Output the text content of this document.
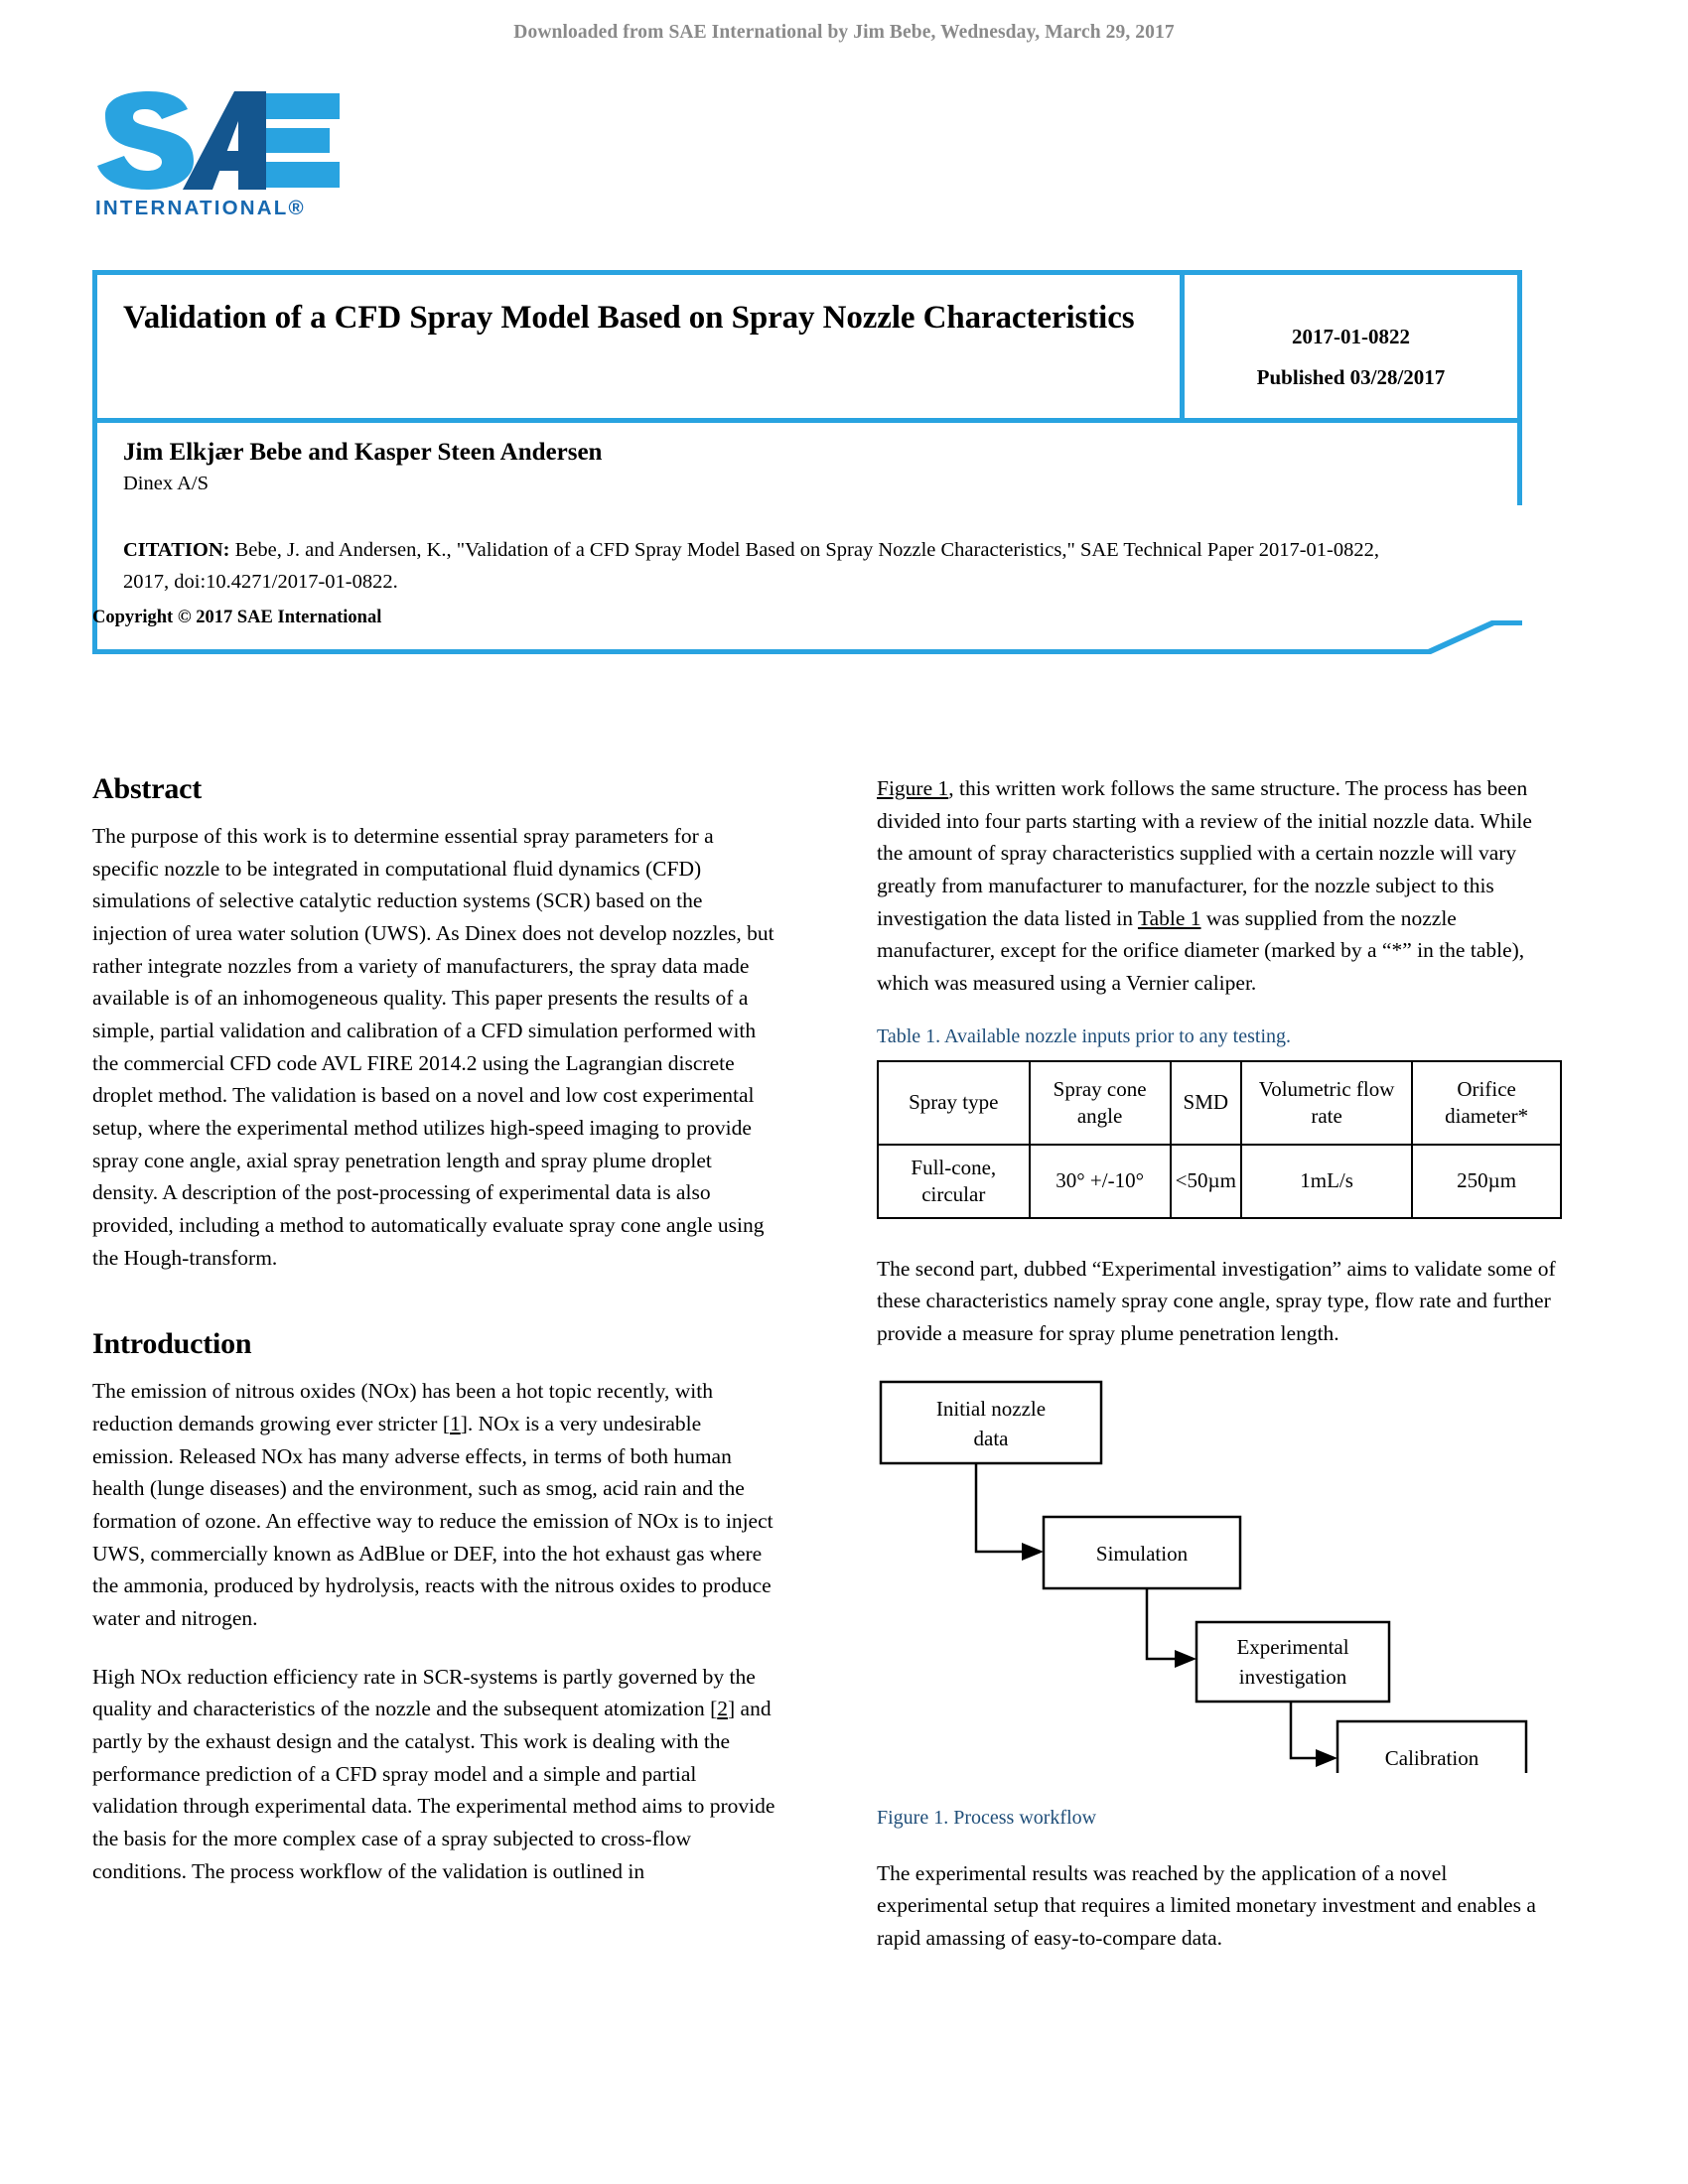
Downloaded from SAE International by Jim Bebe, Wednesday, March 29, 2017
INTERNATIONAL®
Validation of a CFD Spray Model Based on Spray Nozzle Characteristics
2017-01-0822
Published 03/28/2017
Jim Elkjær Bebe and Kasper Steen Andersen
Dinex A/S
CITATION: Bebe, J. and Andersen, K., "Validation of a CFD Spray Model Based on Spray Nozzle Characteristics," SAE Technical Paper 2017-01-0822, 2017, doi:10.4271/2017-01-0822.
Copyright © 2017 SAE International
Abstract

The purpose of this work is to determine essential spray parameters for a specific nozzle to be integrated in computational fluid dynamics (CFD) simulations of selective catalytic reduction systems (SCR) based on the injection of urea water solution (UWS). As Dinex does not develop nozzles, but rather integrate nozzles from a variety of manufacturers, the spray data made available is of an inhomogeneous quality. This paper presents the results of a simple, partial validation and calibration of a CFD simulation performed with the commercial CFD code AVL FIRE 2014.2 using the Lagrangian discrete droplet method. The validation is based on a novel and low cost experimental setup, where the experimental method utilizes high-speed imaging to provide spray cone angle, axial spray penetration length and spray plume droplet density. A description of the post-processing of experimental data is also provided, including a method to automatically evaluate spray cone angle using the Hough-transform.

Introduction

The emission of nitrous oxides (NOx) has been a hot topic recently, with reduction demands growing ever stricter [1]. NOx is a very undesirable emission. Released NOx has many adverse effects, in terms of both human health (lunge diseases) and the environment, such as smog, acid rain and the formation of ozone. An effective way to reduce the emission of NOx is to inject UWS, commercially known as AdBlue or DEF, into the hot exhaust gas where the ammonia, produced by hydrolysis, reacts with the nitrous oxides to produce water and nitrogen.

High NOx reduction efficiency rate in SCR-systems is partly governed by the quality and characteristics of the nozzle and the subsequent atomization [2] and partly by the exhaust design and the catalyst. This work is dealing with the performance prediction of a CFD spray model and a simple and partial validation through experimental data. The experimental method aims to provide the basis for the more complex case of a spray subjected to cross-flow conditions. The process workflow of the validation is outlined in

Figure 1, this written work follows the same structure. The process has been divided into four parts starting with a review of the initial nozzle data. While the amount of spray characteristics supplied with a certain nozzle will vary greatly from manufacturer to manufacturer, for the nozzle subject to this investigation the data listed in Table 1 was supplied from the nozzle manufacturer, except for the orifice diameter (marked by a “*” in the table), which was measured using a Vernier caliper.

Table 1. Available nozzle inputs prior to any testing.

Spray type	Spray cone angle	SMD	Volumetric flow rate	Orifice diameter*
Full-cone, circular	30° +/-10°	<50µm	1mL/s	250µm

The second part, dubbed “Experimental investigation” aims to validate some of these characteristics namely spray cone angle, spray type, flow rate and further provide a measure for spray plume penetration length.

Initial nozzle
data
Simulation
Experimental
investigation
Calibration

Figure 1. Process workflow

The experimental results was reached by the application of a novel experimental setup that requires a limited monetary investment and enables a rapid amassing of easy-to-compare data.
